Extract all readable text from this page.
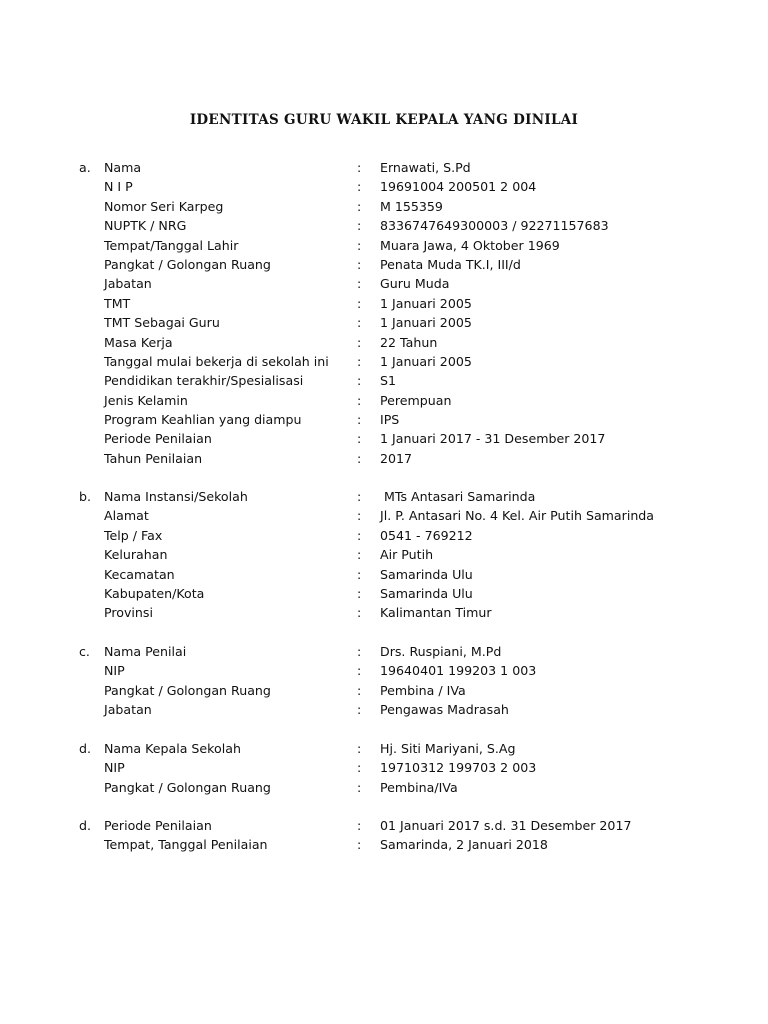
IDENTITAS GURU WAKIL KEPALA YANG DINILAI
a. Nama	: Ernawati, S.Pd
N I P	: 19691004 200501 2 004
Nomor Seri Karpeg	: M 155359
NUPTK / NRG	: 8336747649300003 / 92271157683
Tempat/Tanggal Lahir	: Muara Jawa, 4 Oktober 1969
Pangkat / Golongan Ruang	: Penata Muda TK.I, III/d
Jabatan	: Guru Muda
TMT	: 1 Januari 2005
TMT Sebagai Guru	: 1 Januari 2005
Masa Kerja	: 22 Tahun
Tanggal mulai bekerja di sekolah ini : 1 Januari 2005
Pendidikan terakhir/Spesialisasi	: S1
Jenis Kelamin	: Perempuan
Program Keahlian yang diampu	: IPS
Periode Penilaian	: 1 Januari 2017 - 31 Desember 2017
Tahun Penilaian	: 2017
b. Nama Instansi/Sekolah	: MTs Antasari Samarinda
Alamat	: Jl. P. Antasari No. 4 Kel. Air Putih Samarinda
Telp / Fax	: 0541 - 769212
Kelurahan	: Air Putih
Kecamatan	: Samarinda Ulu
Kabupaten/Kota	: Samarinda Ulu
Provinsi	: Kalimantan Timur
c. Nama Penilai	: Drs. Ruspiani, M.Pd
NIP	: 19640401 199203 1 003
Pangkat / Golongan Ruang	: Pembina / IVa
Jabatan	: Pengawas Madrasah
d. Nama Kepala Sekolah	: Hj. Siti Mariyani, S.Ag
NIP	: 19710312 199703 2 003
Pangkat / Golongan Ruang	: Pembina/IVa
d. Periode Penilaian	: 01 Januari 2017 s.d. 31 Desember 2017
Tempat, Tanggal Penilaian	: Samarinda, 2 Januari 2018
